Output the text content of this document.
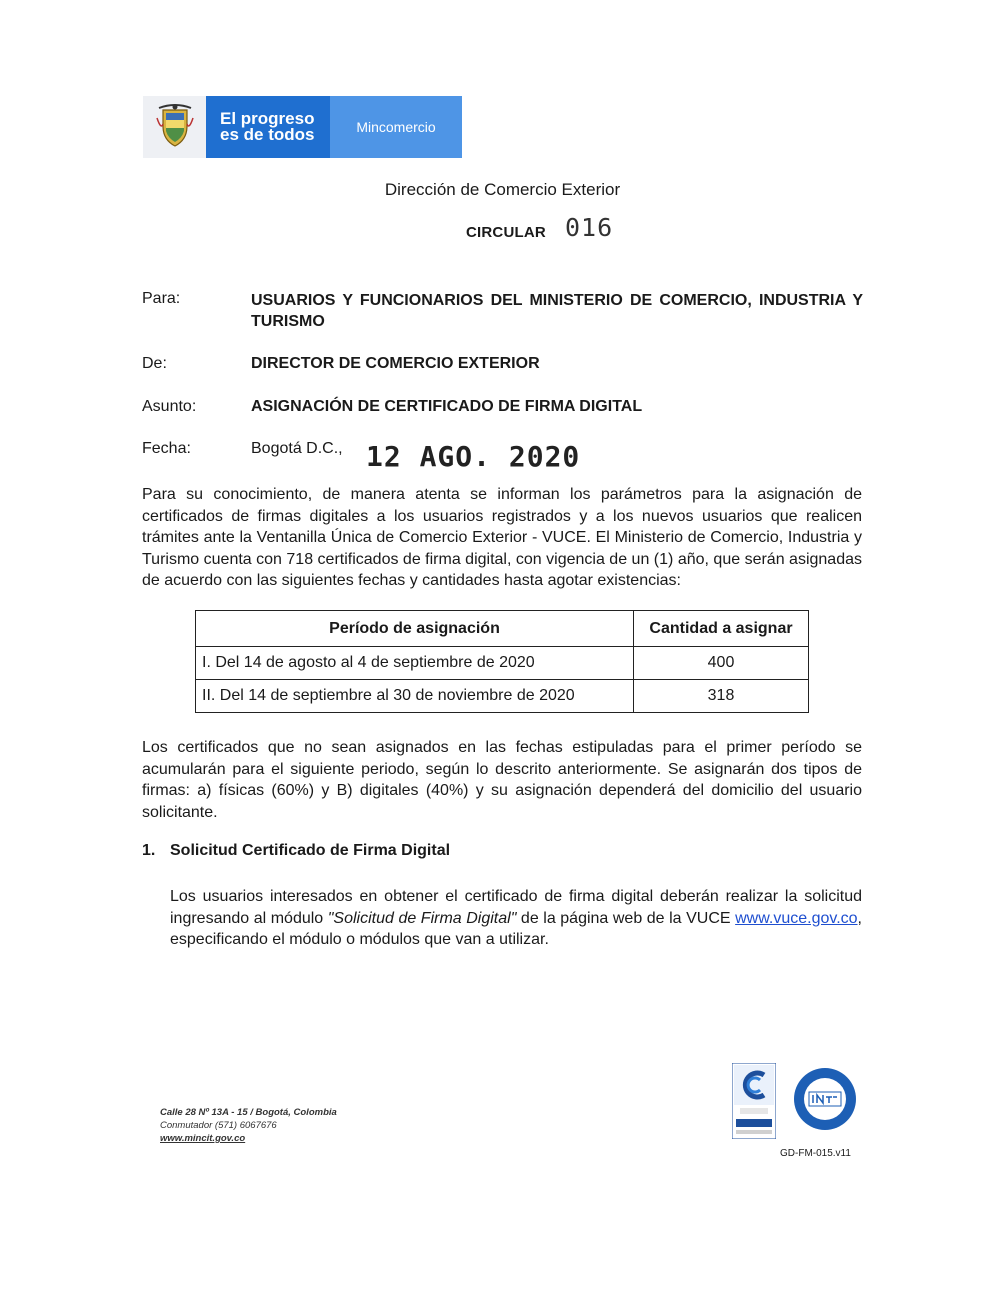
El progreso
es de todos	Mincomercio
Dirección de Comercio Exterior
CIRCULAR 016
Para:	USUARIOS Y FUNCIONARIOS DEL MINISTERIO DE COMERCIO, INDUSTRIA Y
TURISMO
De:	DIRECTOR DE COMERCIO EXTERIOR
Asunto:	ASIGNACIÓN DE CERTIFICADO DE FIRMA DIGITAL
Fecha:	Bogotá D.C., 12 AGO. 2020
Para su conocimiento, de manera atenta se informan los parámetros para la asignación de certificados de firmas digitales a los usuarios registrados y a los nuevos usuarios que realicen trámites ante la Ventanilla Única de Comercio Exterior - VUCE. El Ministerio de Comercio, Industria y Turismo cuenta con 718 certificados de firma digital, con vigencia de un (1) año, que serán asignadas de acuerdo con las siguientes fechas y cantidades hasta agotar existencias:
Período de asignación	Cantidad a asignar
I. Del 14 de agosto al 4 de septiembre de 2020	400
II. Del 14 de septiembre al 30 de noviembre de 2020	318
Los certificados que no sean asignados en las fechas estipuladas para el primer período se acumularán para el siguiente periodo, según lo descrito anteriormente. Se asignarán dos tipos de firmas: a) físicas (60%) y B) digitales (40%) y su asignación dependerá del domicilio del usuario solicitante.
1. Solicitud Certificado de Firma Digital
Los usuarios interesados en obtener el certificado de firma digital deberán realizar la solicitud ingresando al módulo "Solicitud de Firma Digital" de la página web de la VUCE www.vuce.gov.co, especificando el módulo o módulos que van a utilizar.
Calle 28 Nº 13A - 15 / Bogotá, Colombia
Conmutador (571) 6067676
www.mincit.gov.co
GD-FM-015.v11
